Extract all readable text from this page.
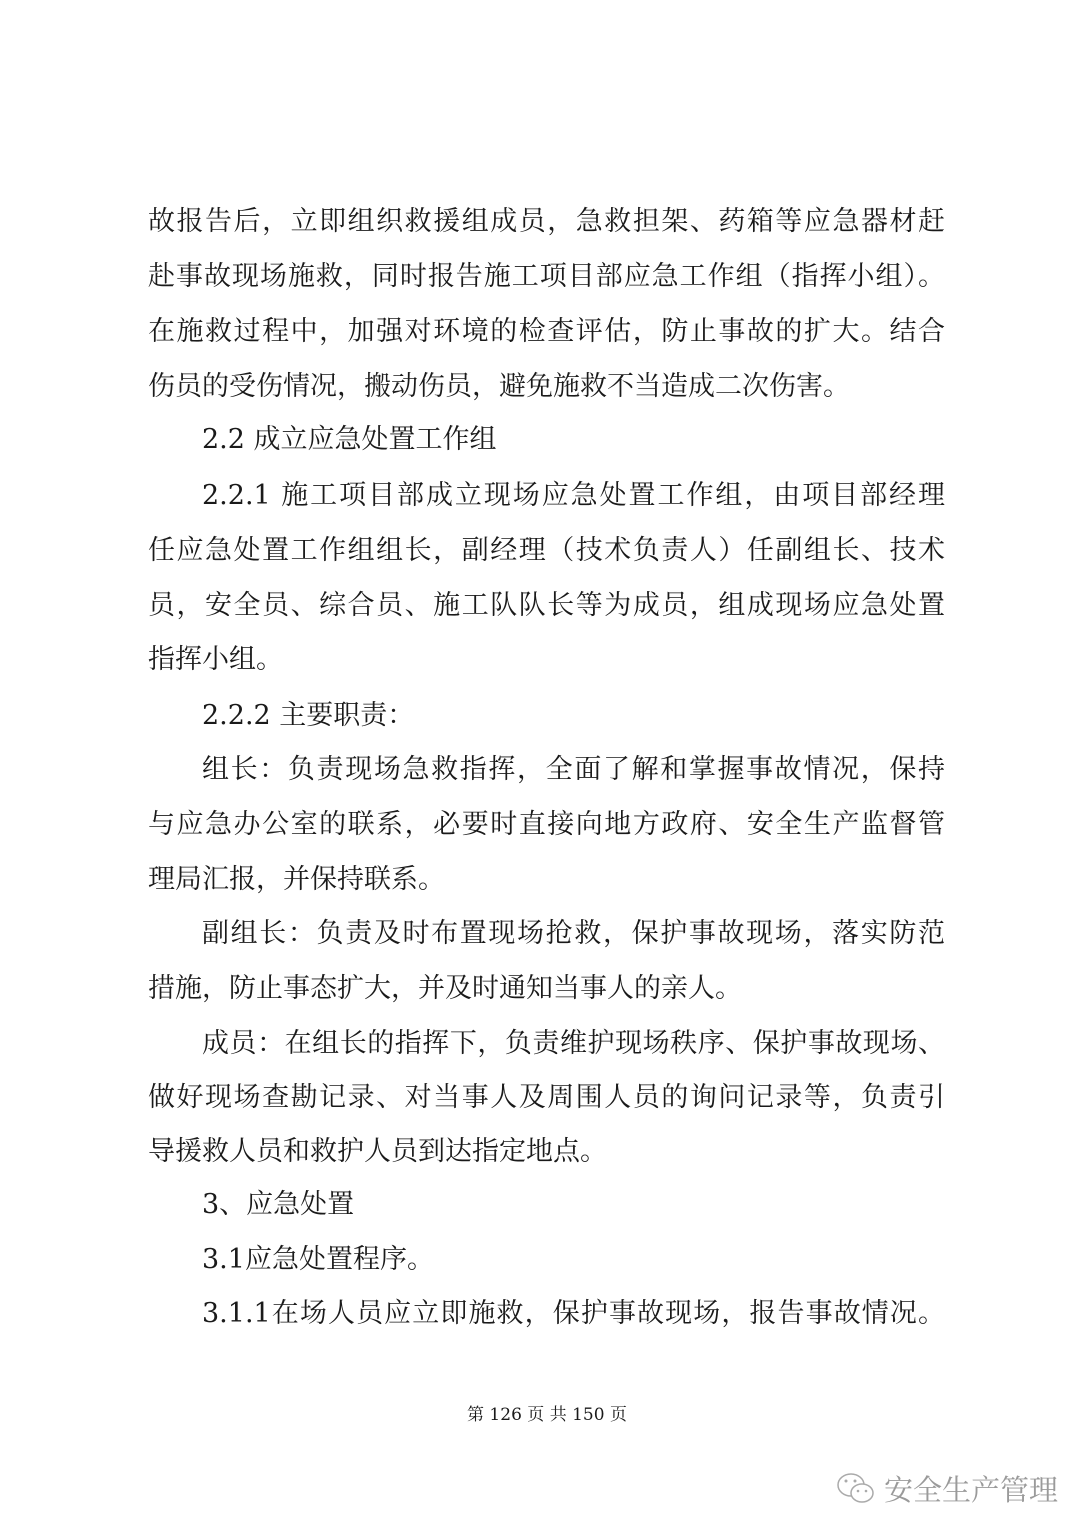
故报告后，立即组织救援组成员，急救担架、药箱等应急器材赶
赴事故现场施救，同时报告施工项目部应急工作组（指挥小组）。
在施救过程中，加强对环境的检查评估，防止事故的扩大。结合
伤员的受伤情况，搬动伤员，避免施救不当造成二次伤害。
2.2 成立应急处置工作组
2.2.1 施工项目部成立现场应急处置工作组，由项目部经理
任应急处置工作组组长，副经理（技术负责人）任副组长、技术
员，安全员、综合员、施工队队长等为成员，组成现场应急处置
指挥小组。
2.2.2 主要职责：
组长：负责现场急救指挥，全面了解和掌握事故情况，保持
与应急办公室的联系，必要时直接向地方政府、安全生产监督管
理局汇报，并保持联系。
副组长：负责及时布置现场抢救，保护事故现场，落实防范
措施，防止事态扩大，并及时通知当事人的亲人。
成员：在组长的指挥下，负责维护现场秩序、保护事故现场、
做好现场查勘记录、对当事人及周围人员的询问记录等，负责引
导援救人员和救护人员到达指定地点。
3、应急处置
3.1应急处置程序。
3.1.1在场人员应立即施救，保护事故现场，报告事故情况。
第 126 页 共 150 页
安全生产管理
